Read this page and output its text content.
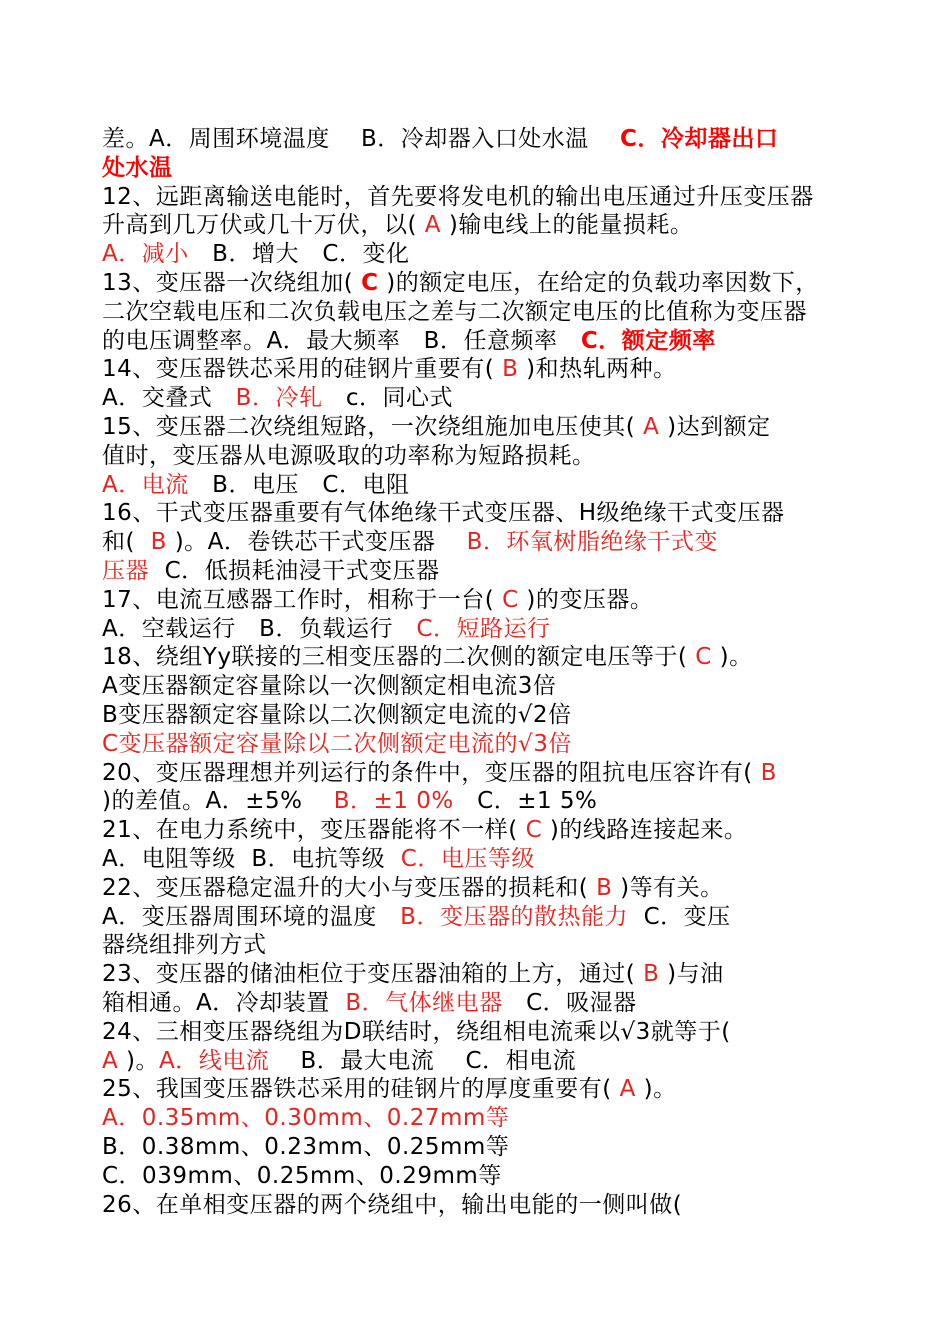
差。A．周围环境温度    B．冷却器入口处水温    C．冷却器出口
处水温
12、远距离输送电能时，首先要将发电机的输出电压通过升压变压器
升高到几万伏或几十万伏，以( A )输电线上的能量损耗。
A．减小   B．增大   C．变化
13、变压器一次绕组加( C )的额定电压，在给定的负载功率因数下，
二次空载电压和二次负载电压之差与二次额定电压的比值称为变压器
的电压调整率。A．最大频率   B．任意频率   C．额定频率
14、变压器铁芯采用的硅钢片重要有( B )和热轧两种。
A．交叠式   B．冷轧   c．同心式
15、变压器二次绕组短路，一次绕组施加电压使其( A )达到额定
值时，变压器从电源吸取的功率称为短路损耗。
A．电流   B．电压   C．电阻
16、干式变压器重要有气体绝缘干式变压器、H级绝缘干式变压器
和(  B )。A．卷铁芯干式变压器    B．环氧树脂绝缘干式变
压器  C．低损耗油浸干式变压器
17、电流互感器工作时，相称于一台( C )的变压器。
A．空载运行   B．负载运行   C．短路运行
18、绕组Yy联接的三相变压器的二次侧的额定电压等于( C )。
A变压器额定容量除以一次侧额定相电流3倍
B变压器额定容量除以二次侧额定电流的√2倍
C变压器额定容量除以二次侧额定电流的√3倍
20、变压器理想并列运行的条件中，变压器的阻抗电压容许有( B
)的差值。A．±5%    B．±1 0%   C．±1 5%
21、在电力系统中，变压器能将不一样( C )的线路连接起来。
A．电阻等级  B．电抗等级  C．电压等级
22、变压器稳定温升的大小与变压器的损耗和( B )等有关。
A．变压器周围环境的温度   B．变压器的散热能力  C．变压
器绕组排列方式
23、变压器的储油柜位于变压器油箱的上方，通过( B )与油
箱相通。A．冷却装置  B．气体继电器   C．吸湿器
24、三相变压器绕组为D联结时，绕组相电流乘以√3就等于(
A )。A．线电流    B．最大电流    C．相电流
25、我国变压器铁芯采用的硅钢片的厚度重要有( A )。
A．0.35mm、0.30mm、0.27mm等
B．0.38mm、0.23mm、0.25mm等
C．039mm、0.25mm、0.29mm等
26、在单相变压器的两个绕组中，输出电能的一侧叫做(
